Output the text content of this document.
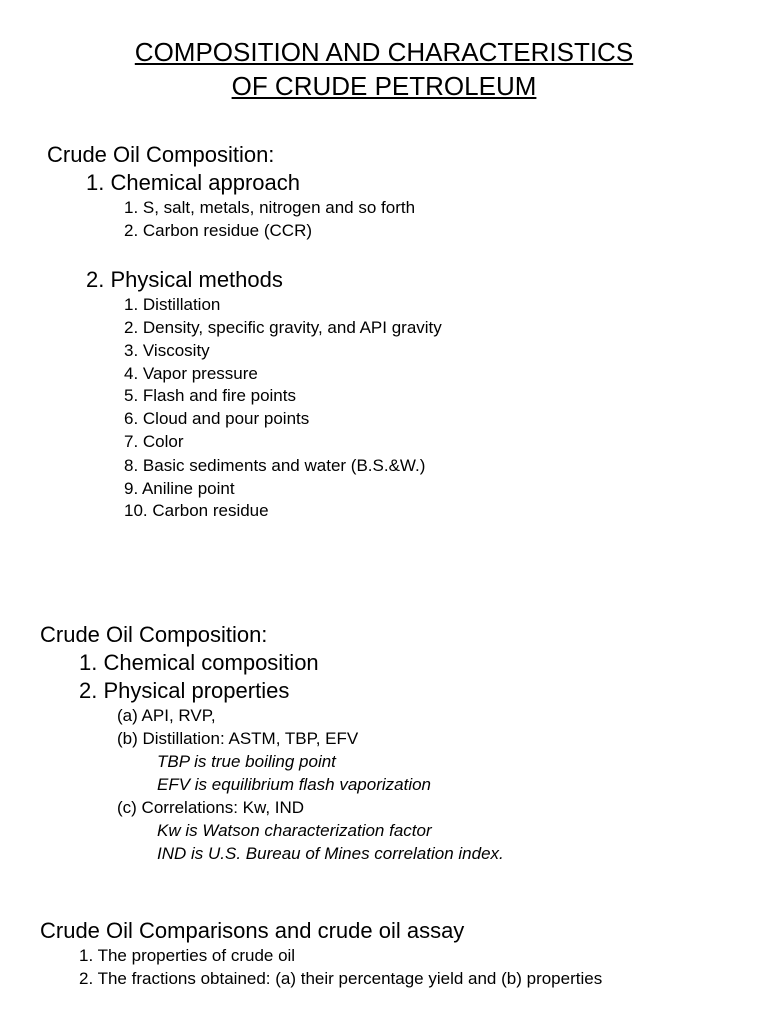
COMPOSITION AND CHARACTERISTICS
OF CRUDE PETROLEUM
Crude Oil Composition:
1. Chemical approach
1. S, salt, metals, nitrogen and so forth
2. Carbon residue (CCR)
2. Physical methods
1. Distillation
2. Density, specific gravity, and API gravity
3. Viscosity
4. Vapor pressure
5. Flash and fire points
6. Cloud and pour points
7. Color
8. Basic sediments and water (B.S.&W.)
9. Aniline point
10. Carbon residue
Crude Oil Composition:
1. Chemical composition
2. Physical properties
(a) API, RVP,
(b) Distillation: ASTM, TBP, EFV
TBP is true boiling point
EFV is equilibrium flash vaporization
(c) Correlations: Kw, IND
Kw is Watson characterization factor
IND is U.S. Bureau of Mines correlation index.
Crude Oil Comparisons and crude oil assay
1. The properties of crude oil
2. The fractions obtained: (a) their percentage yield and (b) properties
